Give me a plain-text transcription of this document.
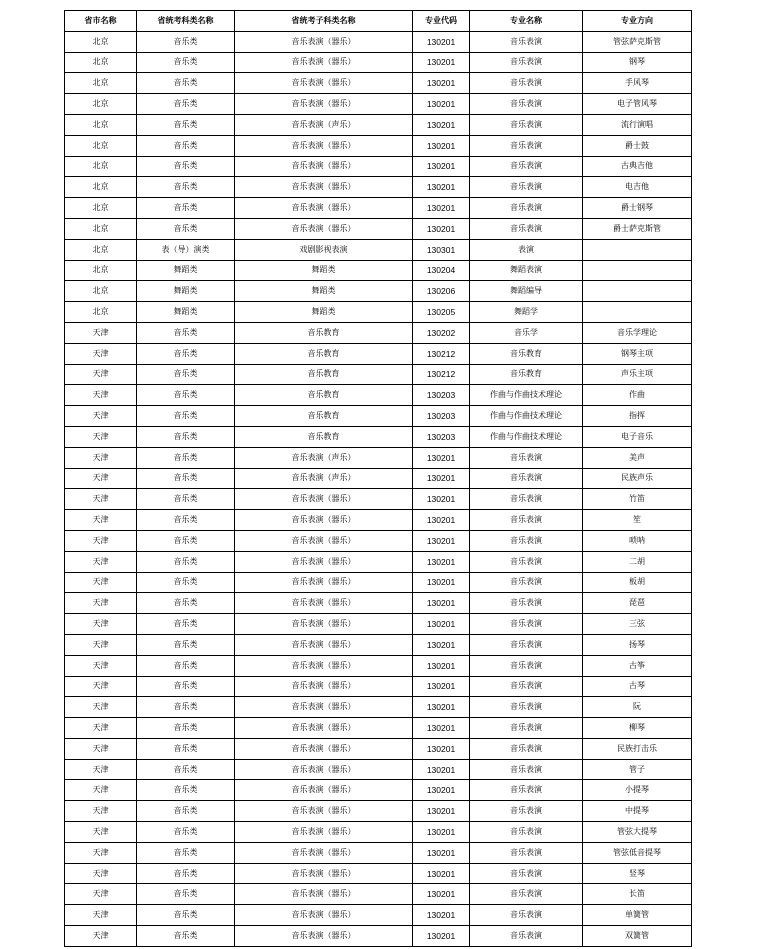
省市名称	省统考科类名称	省统考子科类名称	专业代码	专业名称	专业方向
北京	音乐类	音乐表演（器乐）	130201	音乐表演	管弦萨克斯管
北京	音乐类	音乐表演（器乐）	130201	音乐表演	钢琴
北京	音乐类	音乐表演（器乐）	130201	音乐表演	手风琴
北京	音乐类	音乐表演（器乐）	130201	音乐表演	电子管风琴
北京	音乐类	音乐表演（声乐）	130201	音乐表演	流行演唱
北京	音乐类	音乐表演（器乐）	130201	音乐表演	爵士鼓
北京	音乐类	音乐表演（器乐）	130201	音乐表演	古典吉他
北京	音乐类	音乐表演（器乐）	130201	音乐表演	电吉他
北京	音乐类	音乐表演（器乐）	130201	音乐表演	爵士钢琴
北京	音乐类	音乐表演（器乐）	130201	音乐表演	爵士萨克斯管
北京	表（导）演类	戏剧影视表演	130301	表演	
北京	舞蹈类	舞蹈类	130204	舞蹈表演	
北京	舞蹈类	舞蹈类	130206	舞蹈编导	
北京	舞蹈类	舞蹈类	130205	舞蹈学	
天津	音乐类	音乐教育	130202	音乐学	音乐学理论
天津	音乐类	音乐教育	130212	音乐教育	钢琴主项
天津	音乐类	音乐教育	130212	音乐教育	声乐主项
天津	音乐类	音乐教育	130203	作曲与作曲技术理论	作曲
天津	音乐类	音乐教育	130203	作曲与作曲技术理论	指挥
天津	音乐类	音乐教育	130203	作曲与作曲技术理论	电子音乐
天津	音乐类	音乐表演（声乐）	130201	音乐表演	美声
天津	音乐类	音乐表演（声乐）	130201	音乐表演	民族声乐
天津	音乐类	音乐表演（器乐）	130201	音乐表演	竹笛
天津	音乐类	音乐表演（器乐）	130201	音乐表演	笙
天津	音乐类	音乐表演（器乐）	130201	音乐表演	唢呐
天津	音乐类	音乐表演（器乐）	130201	音乐表演	二胡
天津	音乐类	音乐表演（器乐）	130201	音乐表演	板胡
天津	音乐类	音乐表演（器乐）	130201	音乐表演	琵琶
天津	音乐类	音乐表演（器乐）	130201	音乐表演	三弦
天津	音乐类	音乐表演（器乐）	130201	音乐表演	扬琴
天津	音乐类	音乐表演（器乐）	130201	音乐表演	古筝
天津	音乐类	音乐表演（器乐）	130201	音乐表演	古琴
天津	音乐类	音乐表演（器乐）	130201	音乐表演	阮
天津	音乐类	音乐表演（器乐）	130201	音乐表演	柳琴
天津	音乐类	音乐表演（器乐）	130201	音乐表演	民族打击乐
天津	音乐类	音乐表演（器乐）	130201	音乐表演	管子
天津	音乐类	音乐表演（器乐）	130201	音乐表演	小提琴
天津	音乐类	音乐表演（器乐）	130201	音乐表演	中提琴
天津	音乐类	音乐表演（器乐）	130201	音乐表演	管弦大提琴
天津	音乐类	音乐表演（器乐）	130201	音乐表演	管弦低音提琴
天津	音乐类	音乐表演（器乐）	130201	音乐表演	竖琴
天津	音乐类	音乐表演（器乐）	130201	音乐表演	长笛
天津	音乐类	音乐表演（器乐）	130201	音乐表演	单簧管
天津	音乐类	音乐表演（器乐）	130201	音乐表演	双簧管
